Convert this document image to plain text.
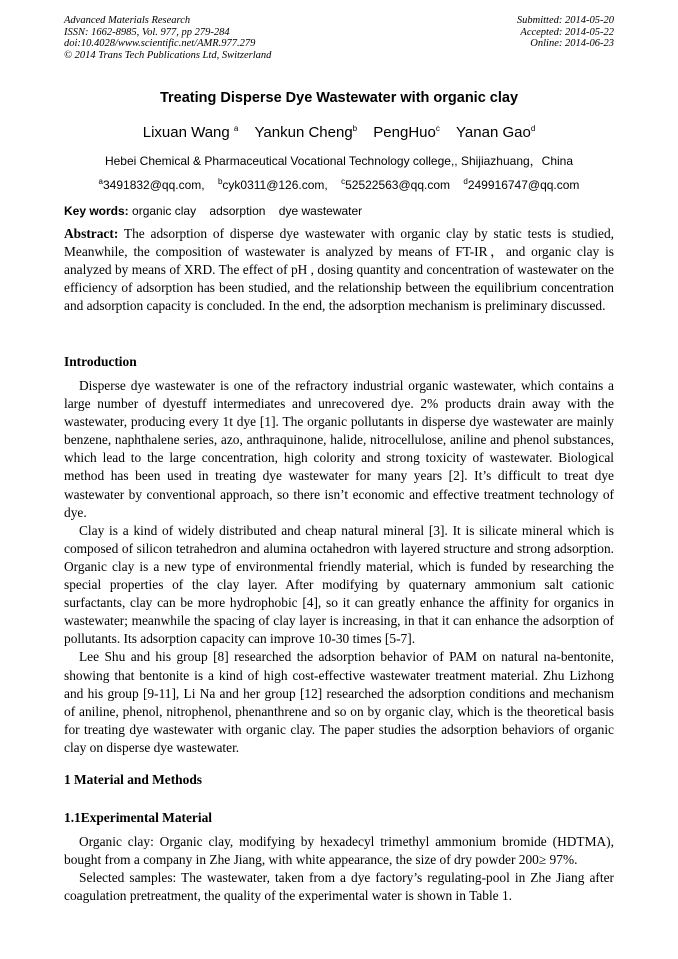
Advanced Materials Research
ISSN: 1662-8985, Vol. 977, pp 279-284
doi:10.4028/www.scientific.net/AMR.977.279
© 2014 Trans Tech Publications Ltd, Switzerland
Submitted: 2014-05-20
Accepted: 2014-05-22
Online: 2014-06-23
Treating Disperse Dye Wastewater with organic clay
Lixuan Wang $^a$ Yankun Cheng$^b$ PengHuo$^c$ Yanan Gao$^d$
Hebei Chemical & Pharmaceutical Vocational Technology college,, Shijiazhuang，China
$^a$3491832@qq.com, $^b$cyk0311@126.com, $^c$52522563@qq.com $^d$249916747@qq.com
Key words: organic clay adsorption dye wastewater

Abstract: The adsorption of disperse dye wastewater with organic clay by static tests is studied, Meanwhile, the composition of wastewater is analyzed by means of FT-IR，and organic clay is analyzed by means of XRD. The effect of pH , dosing quantity and concentration of wastewater on the efficiency of adsorption has been studied, and the relationship between the equilibrium concentration and adsorption capacity is concluded. In the end, the adsorption mechanism is preliminary discussed.

Introduction

Disperse dye wastewater is one of the refractory industrial organic wastewater, which contains a large number of dyestuff intermediates and unrecovered dye. 2% products drain away with the wastewater, producing every 1t dye [1]. The organic pollutants in disperse dye wastewater are mainly benzene, naphthalene series, azo, anthraquinone, halide, nitrocellulose, aniline and phenol substances, which lead to the large concentration, high colority and strong toxicity of wastewater. Biological method has been used in treating dye wastewater for many years [2]. It’s difficult to treat dye wastewater by conventional approach, so there isn’t economic and effective treatment technology of dye.

Clay is a kind of widely distributed and cheap natural mineral [3]. It is silicate mineral which is composed of silicon tetrahedron and alumina octahedron with layered structure and strong adsorption. Organic clay is a new type of environmental friendly material, which is funded by researching the special properties of the clay layer. After modifying by quaternary ammonium salt cationic surfactants, clay can be more hydrophobic [4], so it can greatly enhance the affinity for organics in wastewater; meanwhile the spacing of clay layer is increasing, in that it can enhance the adsorption of pollutants. Its adsorption capacity can improve 10-30 times [5-7].

Lee Shu and his group [8] researched the adsorption behavior of PAM on natural na-bentonite, showing that bentonite is a kind of high cost-effective wastewater treatment material. Zhu Lizhong and his group [9-11], Li Na and her group [12] researched the adsorption conditions and mechanism of aniline, phenol, nitrophenol, phenanthrene and so on by organic clay, which is the theoretical basis for treating dye wastewater with organic clay. The paper studies the adsorption behaviors of organic clay on disperse dye wastewater.

1 Material and Methods
1.1Experimental Material

Organic clay: Organic clay, modifying by hexadecyl trimethyl ammonium bromide (HDTMA), bought from a company in Zhe Jiang, with white appearance, the size of dry powder 200≥ 97%.

Selected samples: The wastewater, taken from a dye factory’s regulating-pool in Zhe Jiang after coagulation pretreatment, the quality of the experimental water is shown in Table 1.
